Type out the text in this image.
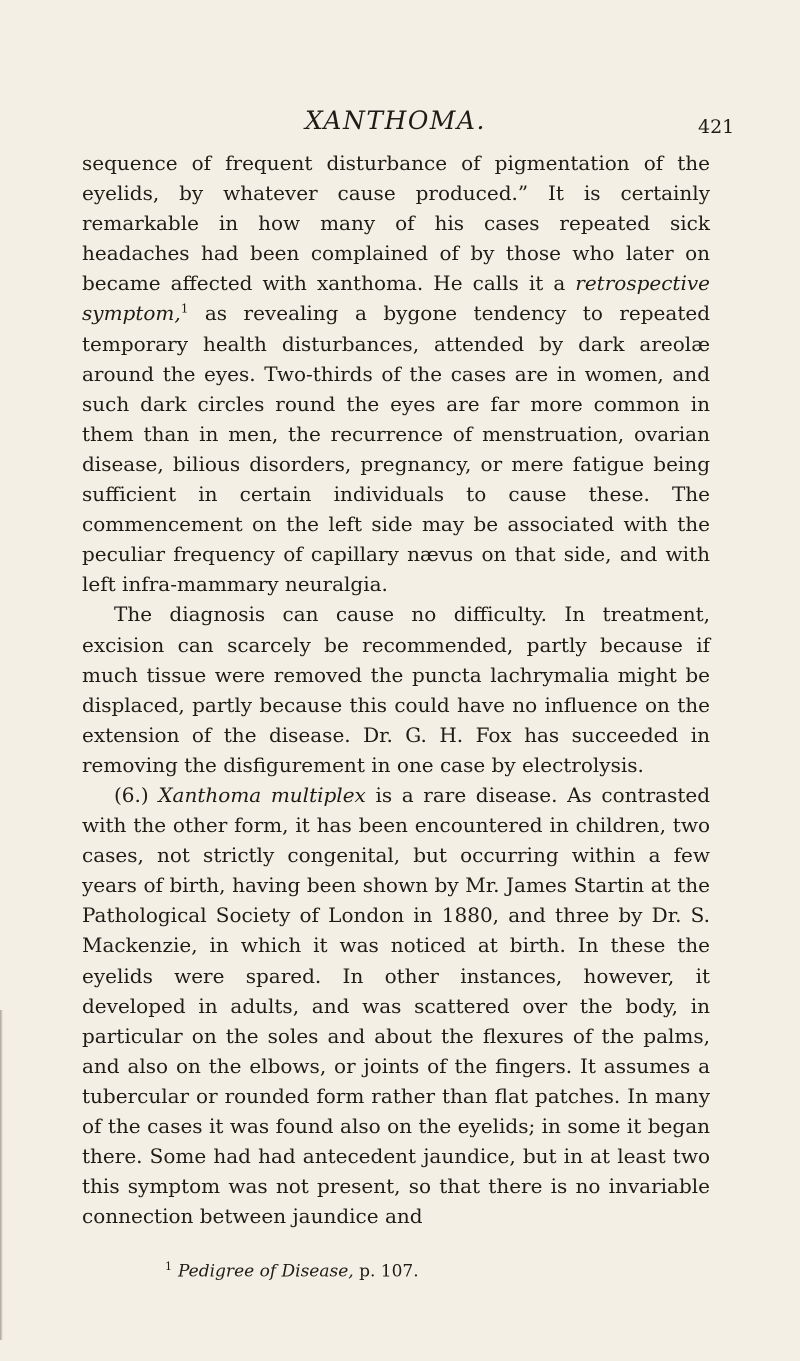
XANTHOMA.	421

sequence of frequent disturbance of pigmentation of the eyelids, by whatever cause produced.” It is certainly remarkable in how many of his cases repeated sick headaches had been complained of by those who later on became affected with xanthoma. He calls it a retrospective symptom,$^1$ as revealing a bygone tendency to repeated temporary health disturbances, attended by dark areolæ around the eyes. Two-thirds of the cases are in women, and such dark circles round the eyes are far more common in them than in men, the recurrence of menstruation, ovarian disease, bilious disorders, pregnancy, or mere fatigue being sufficient in certain individuals to cause these. The commencement on the left side may be associated with the peculiar frequency of capillary nævus on that side, and with left infra-mammary neuralgia.

The diagnosis can cause no difficulty. In treatment, excision can scarcely be recommended, partly because if much tissue were removed the puncta lachrymalia might be displaced, partly because this could have no influence on the extension of the disease. Dr. G. H. Fox has succeeded in removing the disfigurement in one case by electrolysis.

(6.) Xanthoma multiplex is a rare disease. As contrasted with the other form, it has been encountered in children, two cases, not strictly congenital, but occurring within a few years of birth, having been shown by Mr. James Startin at the Pathological Society of London in 1880, and three by Dr. S. Mackenzie, in which it was noticed at birth. In these the eyelids were spared. In other instances, however, it developed in adults, and was scattered over the body, in particular on the soles and about the flexures of the palms, and also on the elbows, or joints of the fingers. It assumes a tubercular or rounded form rather than flat patches. In many of the cases it was found also on the eyelids; in some it began there. Some had had antecedent jaundice, but in at least two this symptom was not present, so that there is no invariable connection between jaundice and

$^1$ Pedigree of Disease, p. 107.
